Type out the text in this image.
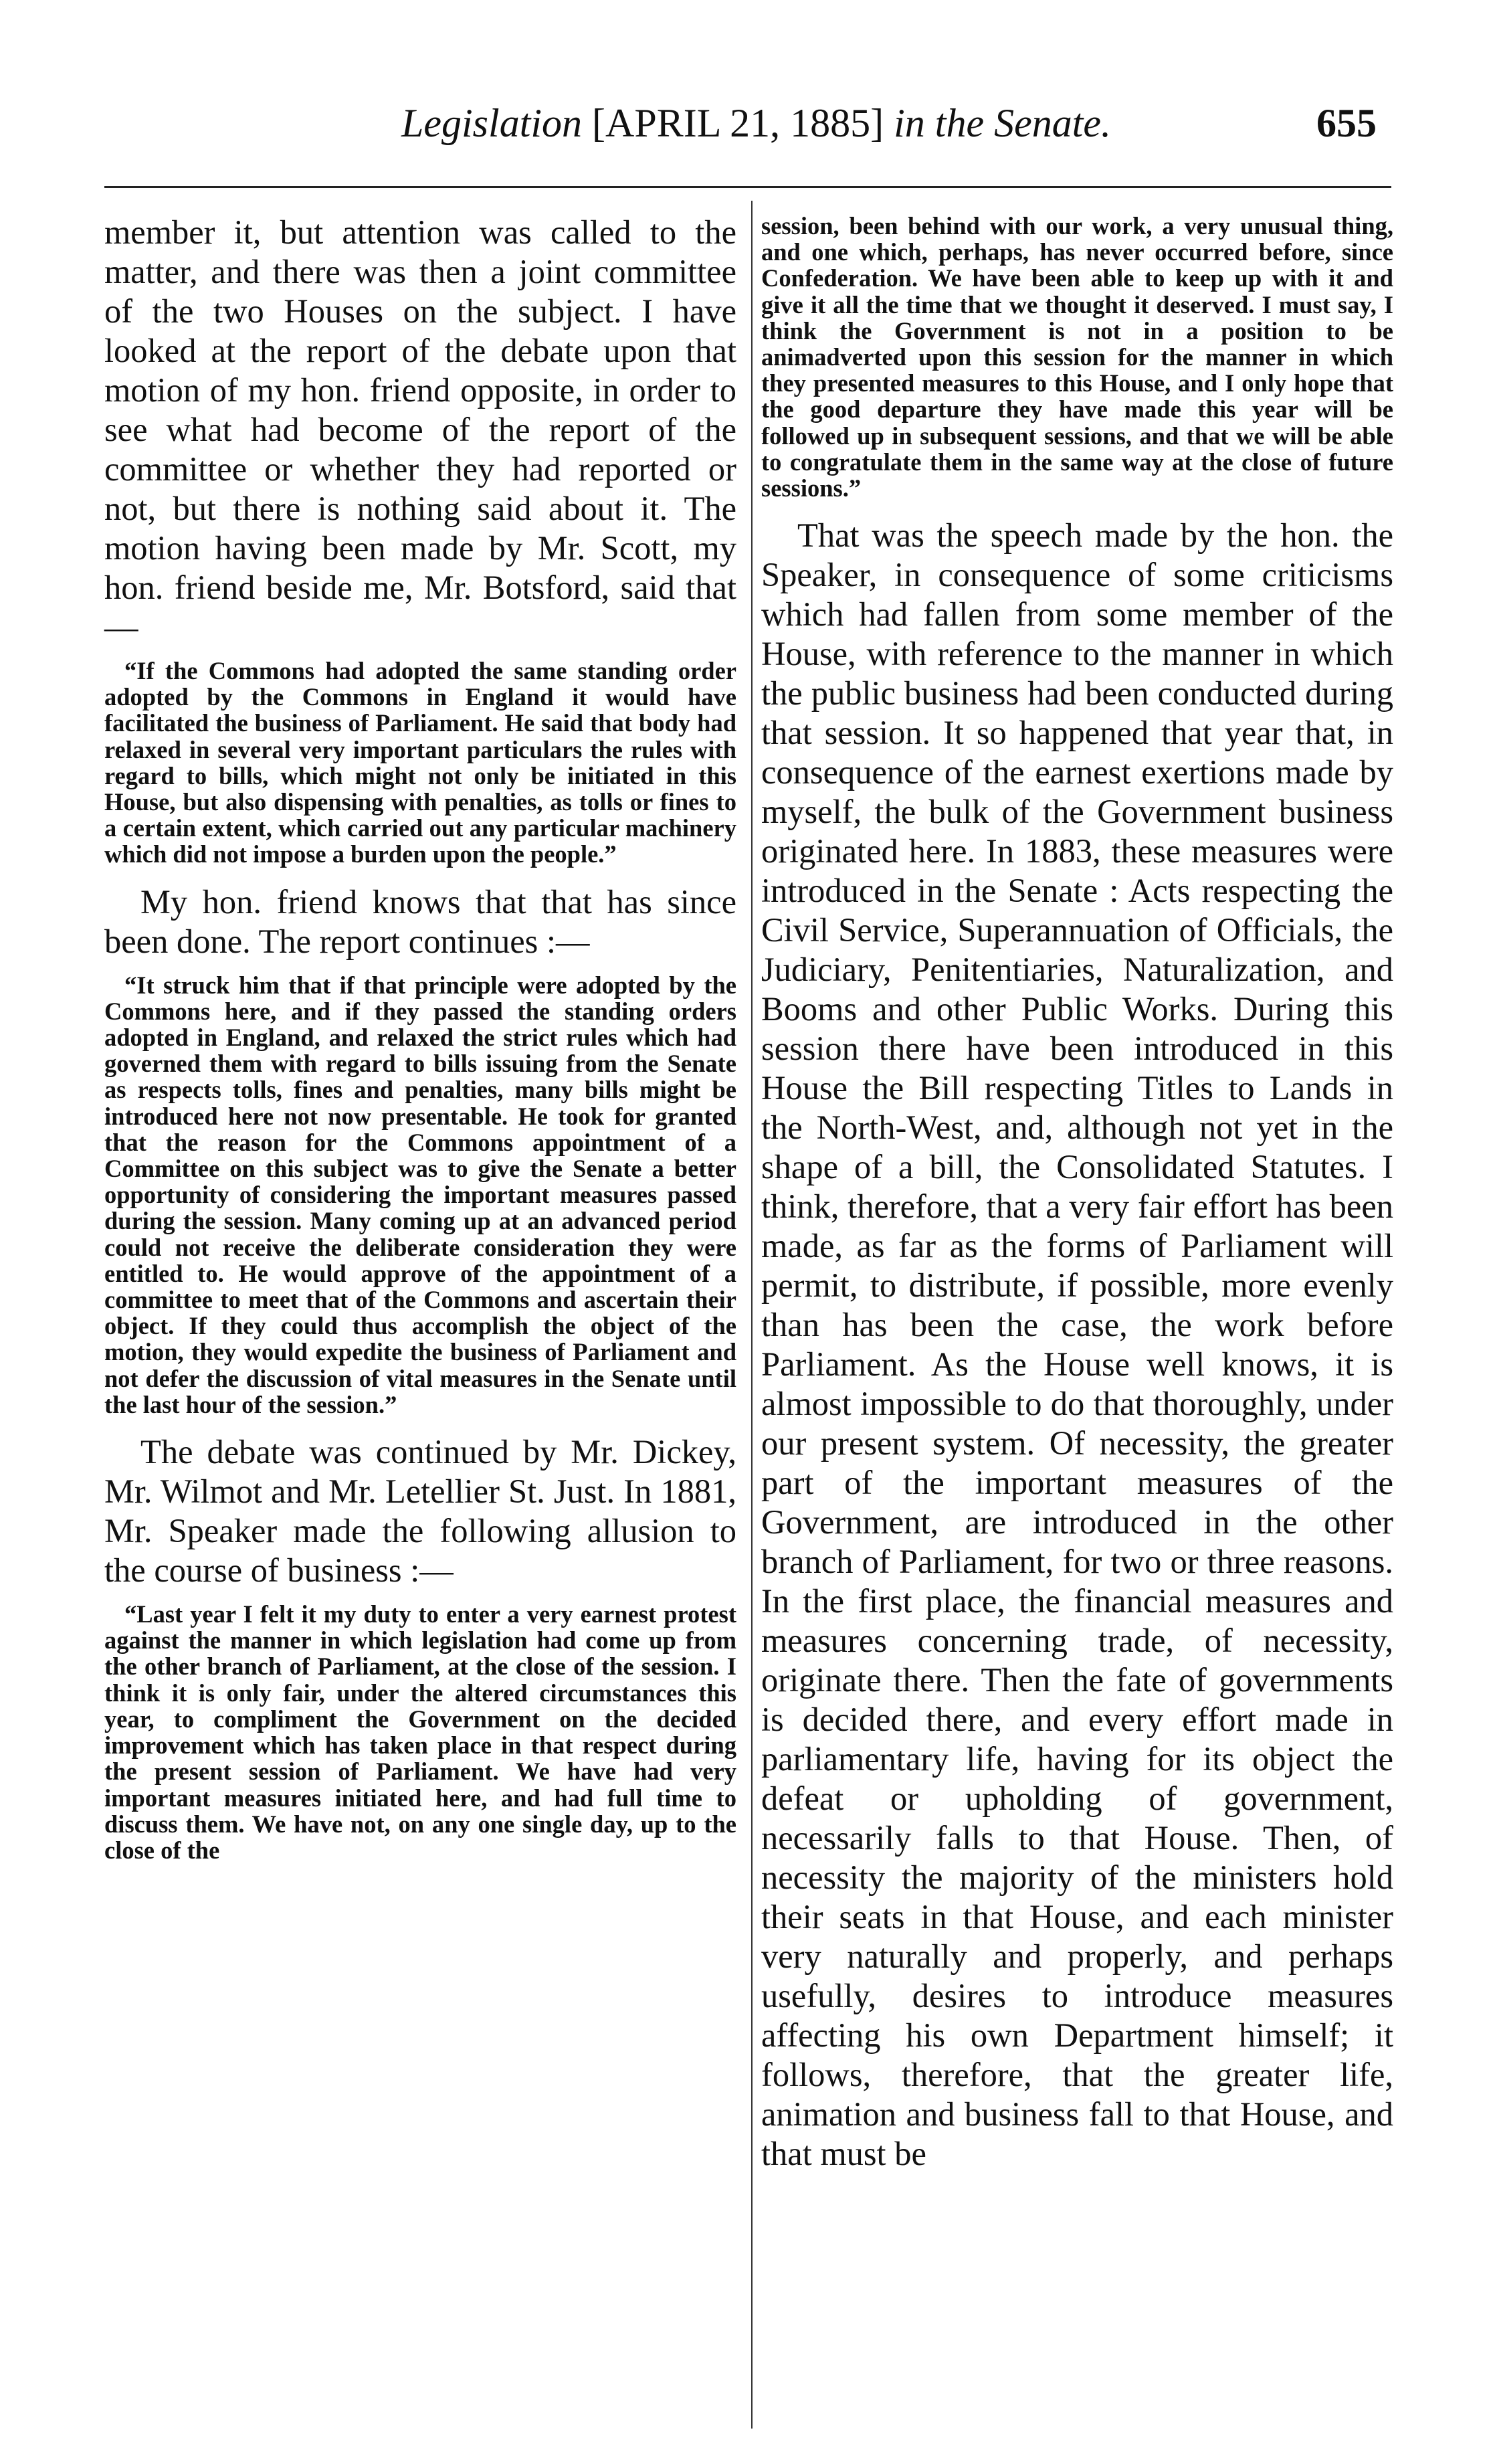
Legislation [APRIL 21, 1885] in the Senate.	655

member it, but attention was called to the matter, and there was then a joint committee of the two Houses on the subject. I have looked at the report of the debate upon that motion of my hon. friend opposite, in order to see what had become of the report of the committee or whether they had reported or not, but there is nothing said about it. The motion having been made by Mr. Scott, my hon. friend beside me, Mr. Botsford, said that—

“If the Commons had adopted the same standing order adopted by the Commons in England it would have facilitated the business of Parliament. He said that body had relaxed in several very important particulars the rules with regard to bills, which might not only be initiated in this House, but also dispensing with penalties, as tolls or fines to a certain extent, which carried out any particular machinery which did not impose a burden upon the people.”

My hon. friend knows that that has since been done. The report continues :—

“It struck him that if that principle were adopted by the Commons here, and if they passed the standing orders adopted in England, and relaxed the strict rules which had governed them with regard to bills issuing from the Senate as respects tolls, fines and penalties, many bills might be introduced here not now presentable. He took for granted that the reason for the Commons appointment of a Committee on this subject was to give the Senate a better opportunity of considering the important measures passed during the session. Many coming up at an advanced period could not receive the deliberate consideration they were entitled to. He would approve of the appointment of a committee to meet that of the Commons and ascertain their object. If they could thus accomplish the object of the motion, they would expedite the business of Parliament and not defer the discussion of vital measures in the Senate until the last hour of the session.”

The debate was continued by Mr. Dickey, Mr. Wilmot and Mr. Letellier St. Just. In 1881, Mr. Speaker made the following allusion to the course of business :—

“Last year I felt it my duty to enter a very earnest protest against the manner in which legislation had come up from the other branch of Parliament, at the close of the session. I think it is only fair, under the altered circumstances this year, to compliment the Government on the decided improvement which has taken place in that respect during the present session of Parliament. We have had very important measures initiated here, and had full time to discuss them. We have not, on any one single day, up to the close of the

session, been behind with our work, a very unusual thing, and one which, perhaps, has never occurred before, since Confederation. We have been able to keep up with it and give it all the time that we thought it deserved. I must say, I think the Government is not in a position to be animadverted upon this session for the manner in which they presented measures to this House, and I only hope that the good departure they have made this year will be followed up in subsequent sessions, and that we will be able to congratulate them in the same way at the close of future sessions.”

That was the speech made by the hon. the Speaker, in consequence of some criticisms which had fallen from some member of the House, with reference to the manner in which the public business had been conducted during that session. It so happened that year that, in consequence of the earnest exertions made by myself, the bulk of the Government business originated here. In 1883, these measures were introduced in the Senate : Acts respecting the Civil Service, Superannuation of Officials, the Judiciary, Penitentiaries, Naturalization, and Booms and other Public Works. During this session there have been introduced in this House the Bill respecting Titles to Lands in the North-West, and, although not yet in the shape of a bill, the Consolidated Statutes. I think, therefore, that a very fair effort has been made, as far as the forms of Parliament will permit, to distribute, if possible, more evenly than has been the case, the work before Parliament. As the House well knows, it is almost impossible to do that thoroughly, under our present system. Of necessity, the greater part of the important measures of the Government, are introduced in the other branch of Parliament, for two or three reasons. In the first place, the financial measures and measures concerning trade, of necessity, originate there. Then the fate of governments is decided there, and every effort made in parliamentary life, having for its object the defeat or upholding of government, necessarily falls to that House. Then, of necessity the majority of the ministers hold their seats in that House, and each minister very naturally and properly, and perhaps usefully, desires to introduce measures affecting his own Department himself; it follows, therefore, that the greater life, animation and business fall to that House, and that must be
